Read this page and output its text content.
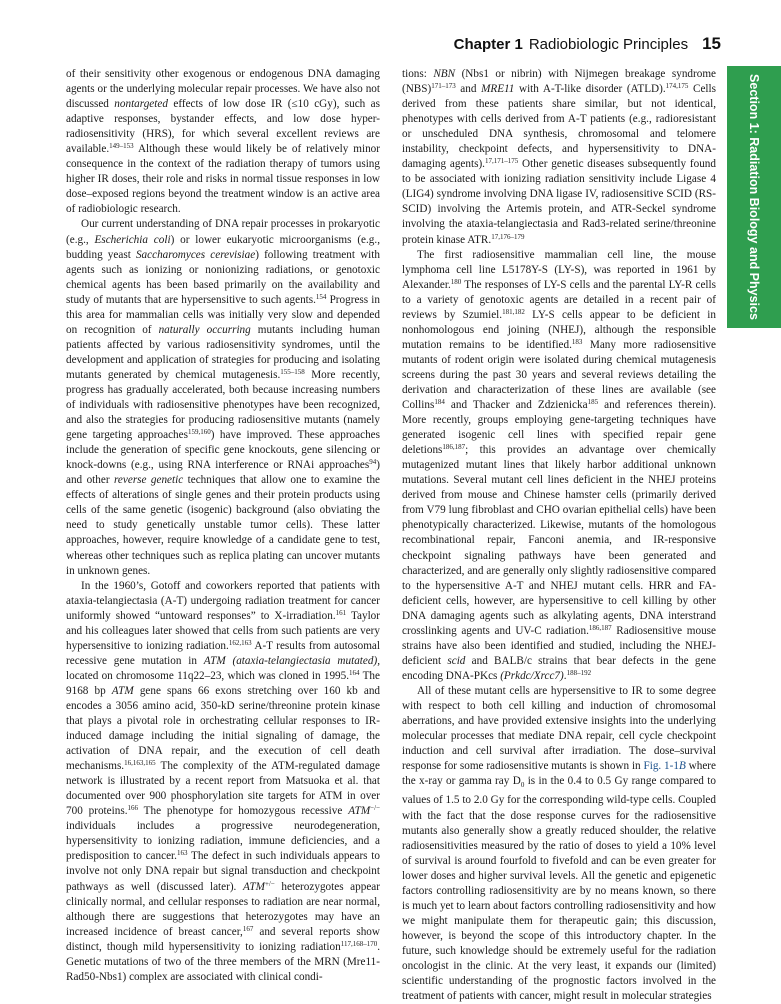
Chapter 1 Radiobiologic Principles 15
Section 1: Radiation Biology and Physics

of their sensitivity other exogenous or endogenous DNA damaging agents or the underlying molecular repair processes. We have also not discussed nontargeted effects of low dose IR (≤10 cGy), such as adaptive responses, bystander effects, and low dose hyper-radiosensitivity (HRS), for which several excellent reviews are available.$^{149-153}$ Although these would likely be of relatively minor consequence in the context of the radiation therapy of tumors using higher IR doses, their role and risks in normal tissue responses in low dose–exposed regions beyond the treatment window is an active area of radiobiologic research.

Our current understanding of DNA repair processes in prokaryotic (e.g., Escherichia coli) or lower eukaryotic microorganisms (e.g., budding yeast Saccharomyces cerevisiae) following treatment with agents such as ionizing or nonionizing radiations, or genotoxic chemical agents has been based primarily on the availability and study of mutants that are hypersensitive to such agents.$^{154}$ Progress in this area for mammalian cells was initially very slow and depended on recognition of naturally occurring mutants including human patients affected by various radiosensitivity syndromes, until the development and application of strategies for producing and isolating mutants generated by chemical mutagenesis.$^{155-158}$ More recently, progress has gradually accelerated, both because increasing numbers of individuals with radiosensitive phenotypes have been recognized, and also the strategies for producing radiosensitive mutants (namely gene targeting approaches$^{159,160}$) have improved. These approaches include the generation of specific gene knockouts, gene silencing or knock-downs (e.g., using RNA interference or RNAi approaches$^{94}$) and other reverse genetic techniques that allow one to examine the effects of alterations of single genes and their protein products using cells of the same genetic (isogenic) background (also obviating the need to study genetically unstable tumor cells). These latter approaches, however, require knowledge of a candidate gene to test, whereas other techniques such as replica plating can uncover mutants in unknown genes.

In the 1960’s, Gotoff and coworkers reported that patients with ataxia-telangiectasia (A-T) undergoing radiation treatment for cancer uniformly showed “untoward responses” to X-irradiation.$^{161}$ Taylor and his colleagues later showed that cells from such patients are very hypersensitive to ionizing radiation.$^{162,163}$ A-T results from autosomal recessive gene mutation in ATM (ataxia-telangiectasia mutated), located on chromosome 11q22–23, which was cloned in 1995.$^{164}$ The 9168 bp ATM gene spans 66 exons stretching over 160 kb and encodes a 3056 amino acid, 350-kD serine/threonine protein kinase that plays a pivotal role in orchestrating cellular responses to IR-induced damage including the initial signaling of damage, the activation of DNA repair, and the execution of cell death mechanisms.$^{16,163,165}$ The complexity of the ATM-regulated damage network is illustrated by a recent report from Matsuoka et al. that documented over 900 phosphorylation site targets for ATM in over 700 proteins.$^{166}$ The phenotype for homozygous recessive ATM−/− individuals includes a progressive neurodegeneration, hypersensitivity to ionizing radiation, immune deficiencies, and a predisposition to cancer.$^{163}$ The defect in such individuals appears to involve not only DNA repair but signal transduction and checkpoint pathways as well (discussed later). ATM+/− heterozygotes appear clinically normal, and cellular responses to radiation are near normal, although there are suggestions that heterozygotes may have an increased incidence of breast cancer,$^{167}$ and several reports show distinct, though mild hypersensitivity to ionizing radiation$^{117,168-170}$. Genetic mutations of two of the three members of the MRN (Mre11-Rad50-Nbs1) complex are associated with clinical condi-

tions: NBN (Nbs1 or nibrin) with Nijmegen breakage syndrome (NBS)$^{171-173}$ and MRE11 with A-T-like disorder (ATLD).$^{174,175}$ Cells derived from these patients share similar, but not identical, phenotypes with cells derived from A-T patients (e.g., radioresistant or unscheduled DNA synthesis, chromosomal and telomere instability, checkpoint defects, and hypersensitivity to DNA-damaging agents).$^{17,171-175}$ Other genetic diseases subsequently found to be associated with ionizing radiation sensitivity include Ligase 4 (LIG4) syndrome involving DNA ligase IV, radiosensitive SCID (RS-SCID) involving the Artemis protein, and ATR-Seckel syndrome involving the ataxia-telangiectasia and Rad3-related serine/threonine protein kinase ATR.$^{17,176-179}$

The first radiosensitive mammalian cell line, the mouse lymphoma cell line L5178Y-S (LY-S), was reported in 1961 by Alexander.$^{180}$ The responses of LY-S cells and the parental LY-R cells to a variety of genotoxic agents are detailed in a recent pair of reviews by Szumiel.$^{181,182}$ LY-S cells appear to be deficient in nonhomologous end joining (NHEJ), although the responsible mutation remains to be identified.$^{183}$ Many more radiosensitive mutants of rodent origin were isolated during chemical mutagenesis screens during the past 30 years and several reviews detailing the derivation and characterization of these lines are available (see Collins$^{184}$ and Thacker and Zdzienicka$^{185}$ and references therein). More recently, groups employing gene-targeting techniques have generated isogenic cell lines with specified repair gene deletions$^{186,187}$; this provides an advantage over chemically mutagenized mutant lines that likely harbor additional unknown mutations. Several mutant cell lines deficient in the NHEJ proteins derived from mouse and Chinese hamster cells (primarily derived from V79 lung fibroblast and CHO ovarian epithelial cells) have been phenotypically characterized. Likewise, mutants of the homologous recombinational repair, Fanconi anemia, and IR-responsive checkpoint signaling pathways have been generated and characterized, and are generally only slightly radiosensitive compared to the hypersensitive A-T and NHEJ mutant cells. HRR and FA-deficient cells, however, are hypersensitive to cell killing by other DNA damaging agents such as alkylating agents, DNA interstrand crosslinking agents and UV-C radiation.$^{186,187}$ Radiosensitive mouse strains have also been identified and studied, including the NHEJ-deficient scid and BALB/c strains that bear defects in the gene encoding DNA-PKcs (Prkdc/Xrcc7).$^{188-192}$

All of these mutant cells are hypersensitive to IR to some degree with respect to both cell killing and induction of chromosomal aberrations, and have provided extensive insights into the underlying molecular processes that mediate DNA repair, cell cycle checkpoint induction and cell survival after irradiation. The dose–survival response for some radiosensitive mutants is shown in Fig. 1-1B where the x-ray or gamma ray $D_0$ is in the 0.4 to 0.5 Gy range compared to values of 1.5 to 2.0 Gy for the corresponding wild-type cells. Coupled with the fact that the dose response curves for the radiosensitive mutants also generally show a greatly reduced shoulder, the relative radiosensitivities measured by the ratio of doses to yield a 10% level of survival is around fourfold to fivefold and can be even greater for lower doses and higher survival levels. All the genetic and epigenetic factors controlling radiosensitivity are by no means known, so there is much yet to learn about factors controlling radiosensitivity and how we might manipulate them for therapeutic gain; this discussion, however, is beyond the scope of this introductory chapter. In the future, such knowledge should be extremely useful for the radiation oncologist in the clinic. At the very least, it expands our (limited) scientific understanding of the prognostic factors involved in the treatment of patients with cancer, might result in molecular strategies
